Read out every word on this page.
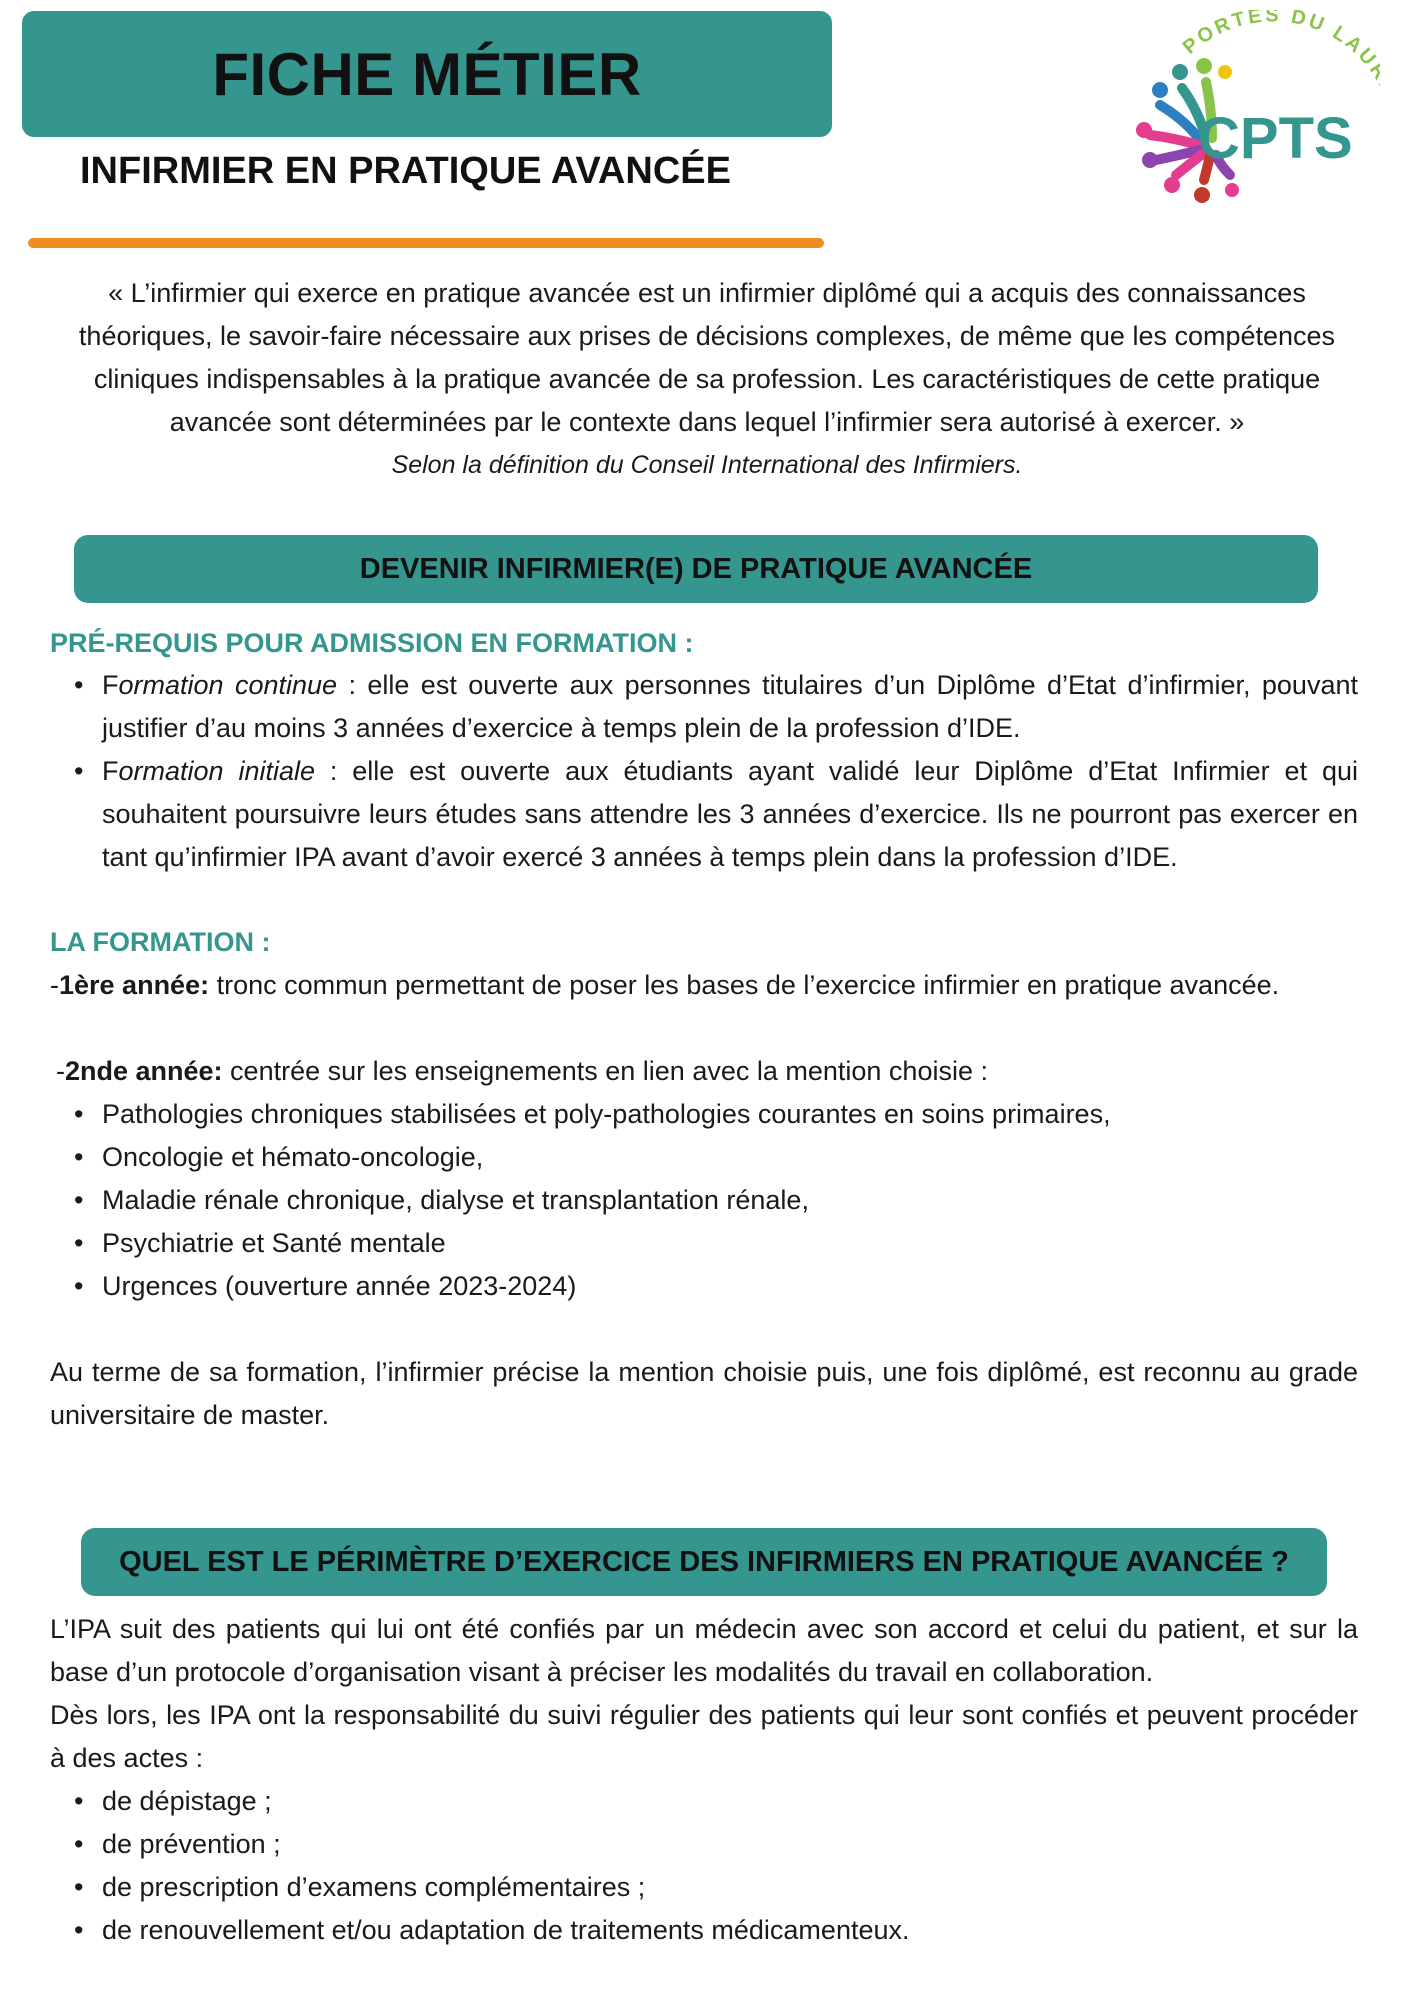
FICHE MÉTIER
INFIRMIER EN PRATIQUE AVANCÉE
PORTES DU LAU
CPTS
« L’infirmier qui exerce en pratique avancée est un infirmier diplômé qui a acquis des connaissances théoriques, le savoir-faire nécessaire aux prises de décisions complexes, de même que les compétences cliniques indispensables à la pratique avancée de sa profession. Les caractéristiques de cette pratique avancée sont déterminées par le contexte dans lequel l’infirmier sera autorisé à exercer. »
Selon la définition du Conseil International des Infirmiers.
DEVENIR INFIRMIER(E) DE PRATIQUE AVANCÉE
PRÉ-REQUIS POUR ADMISSION EN FORMATION :
• Formation continue : elle est ouverte aux personnes titulaires d’un Diplôme d’Etat d’infirmier, pouvant justifier d’au moins 3 années d’exercice à temps plein de la profession d’IDE.
• Formation initiale : elle est ouverte aux étudiants ayant validé leur Diplôme d’Etat Infirmier et qui souhaitent poursuivre leurs études sans attendre les 3 années d’exercice. Ils ne pourront pas exercer en tant qu’infirmier IPA avant d’avoir exercé 3 années à temps plein dans la profession d’IDE.
LA FORMATION :
-1ère année: tronc commun permettant de poser les bases de l’exercice infirmier en pratique avancée.
-2nde année: centrée sur les enseignements en lien avec la mention choisie :
• Pathologies chroniques stabilisées et poly-pathologies courantes en soins primaires,
• Oncologie et hémato-oncologie,
• Maladie rénale chronique, dialyse et transplantation rénale,
• Psychiatrie et Santé mentale
• Urgences (ouverture année 2023-2024)
Au terme de sa formation, l’infirmier précise la mention choisie puis, une fois diplômé, est reconnu au grade universitaire de master.
QUEL EST LE PÉRIMÈTRE D’EXERCICE DES INFIRMIERS EN PRATIQUE AVANCÉE ?
L’IPA suit des patients qui lui ont été confiés par un médecin avec son accord et celui du patient, et sur la base d’un protocole d’organisation visant à préciser les modalités du travail en collaboration.
Dès lors, les IPA ont la responsabilité du suivi régulier des patients qui leur sont confiés et peuvent procéder à des actes :
• de dépistage ;
• de prévention ;
• de prescription d’examens complémentaires ;
• de renouvellement et/ou adaptation de traitements médicamenteux.
